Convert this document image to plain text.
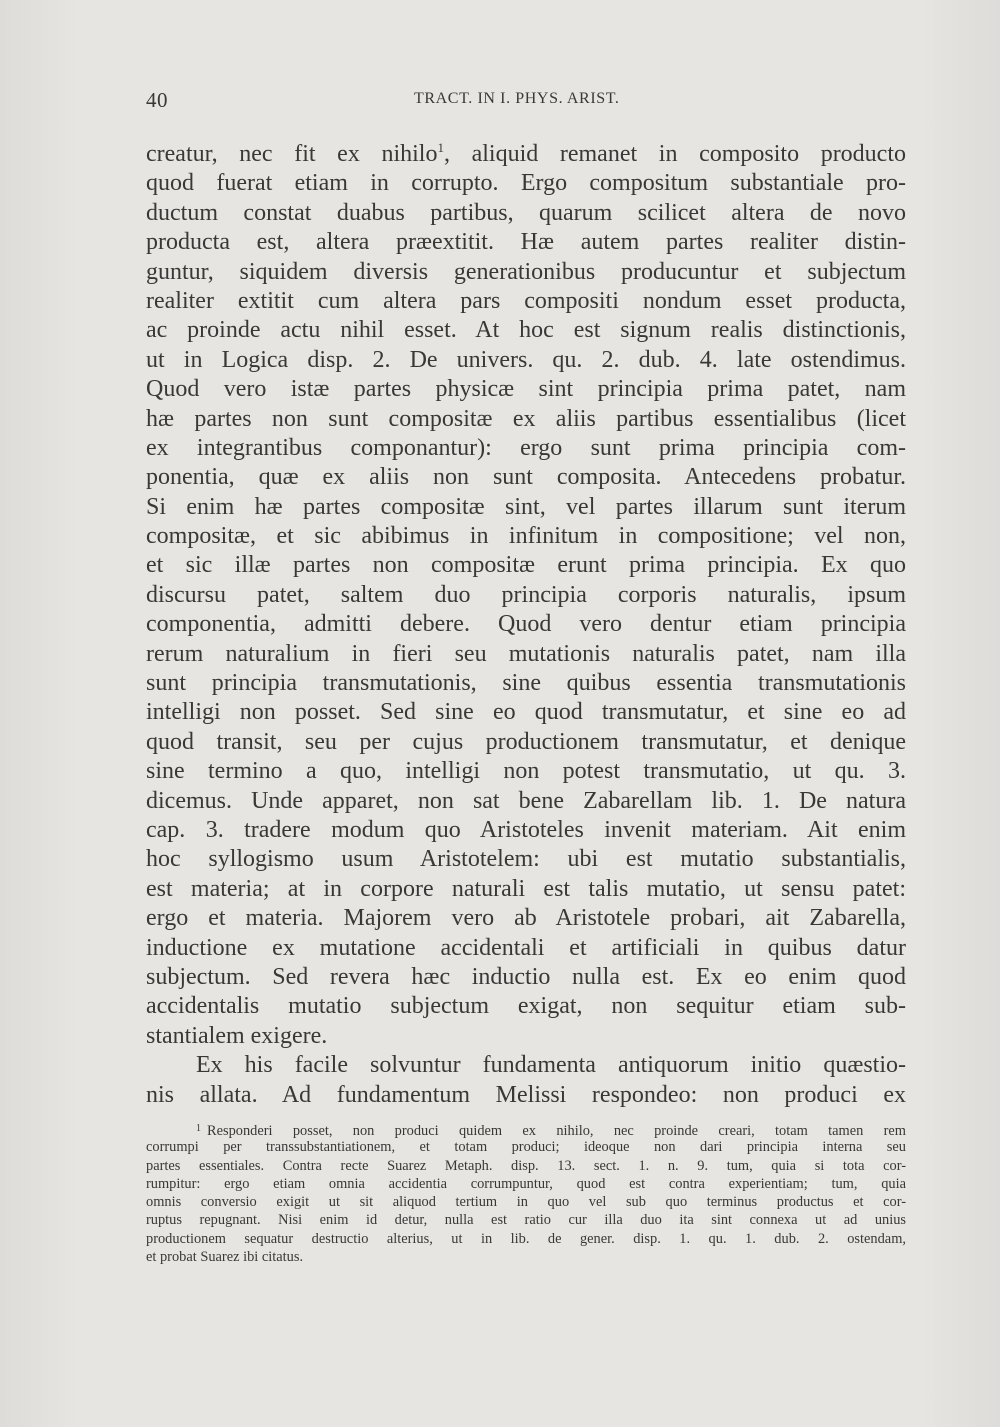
40	TRACT. IN I. PHYS. ARIST.
creatur, nec fit ex nihilo$^1$, aliquid remanet in composito producto
quod fuerat etiam in corrupto. Ergo compositum substantiale pro-
ductum constat duabus partibus, quarum scilicet altera de novo
producta est, altera præextitit. Hæ autem partes realiter distin-
guntur, siquidem diversis generationibus producuntur et subjectum
realiter extitit cum altera pars compositi nondum esset producta,
ac proinde actu nihil esset. At hoc est signum realis distinctionis,
ut in Logica disp. 2. De univers. qu. 2. dub. 4. late ostendimus.
Quod vero istæ partes physicæ sint principia prima patet, nam
hæ partes non sunt compositæ ex aliis partibus essentialibus (licet
ex integrantibus componantur): ergo sunt prima principia com-
ponentia, quæ ex aliis non sunt composita. Antecedens probatur.
Si enim hæ partes compositæ sint, vel partes illarum sunt iterum
compositæ, et sic abibimus in infinitum in compositione; vel non,
et sic illæ partes non compositæ erunt prima principia. Ex quo
discursu patet, saltem duo principia corporis naturalis, ipsum
componentia, admitti debere. Quod vero dentur etiam principia
rerum naturalium in fieri seu mutationis naturalis patet, nam illa
sunt principia transmutationis, sine quibus essentia transmutationis
intelligi non posset. Sed sine eo quod transmutatur, et sine eo ad
quod transit, seu per cujus productionem transmutatur, et denique
sine termino a quo, intelligi non potest transmutatio, ut qu. 3.
dicemus. Unde apparet, non sat bene Zabarellam lib. 1. De natura
cap. 3. tradere modum quo Aristoteles invenit materiam. Ait enim
hoc syllogismo usum Aristotelem: ubi est mutatio substantialis,
est materia; at in corpore naturali est talis mutatio, ut sensu patet:
ergo et materia. Majorem vero ab Aristotele probari, ait Zabarella,
inductione ex mutatione accidentali et artificiali in quibus datur
subjectum. Sed revera hæc inductio nulla est. Ex eo enim quod
accidentalis mutatio subjectum exigat, non sequitur etiam sub-
stantialem exigere.
Ex his facile solvuntur fundamenta antiquorum initio quæstio-
nis allata. Ad fundamentum Melissi respondeo: non produci ex
$^1$ Responderi posset, non produci quidem ex nihilo, nec proinde creari, totam tamen rem
corrumpi per transsubstantiationem, et totam produci; ideoque non dari principia interna seu
partes essentiales. Contra recte Suarez Metaph. disp. 13. sect. 1. n. 9. tum, quia si tota cor-
rumpitur: ergo etiam omnia accidentia corrumpuntur, quod est contra experientiam; tum, quia
omnis conversio exigit ut sit aliquod tertium in quo vel sub quo terminus productus et cor-
ruptus repugnant. Nisi enim id detur, nulla est ratio cur illa duo ita sint connexa ut ad unius
productionem sequatur destructio alterius, ut in lib. de gener. disp. 1. qu. 1. dub. 2. ostendam,
et probat Suarez ibi citatus.
